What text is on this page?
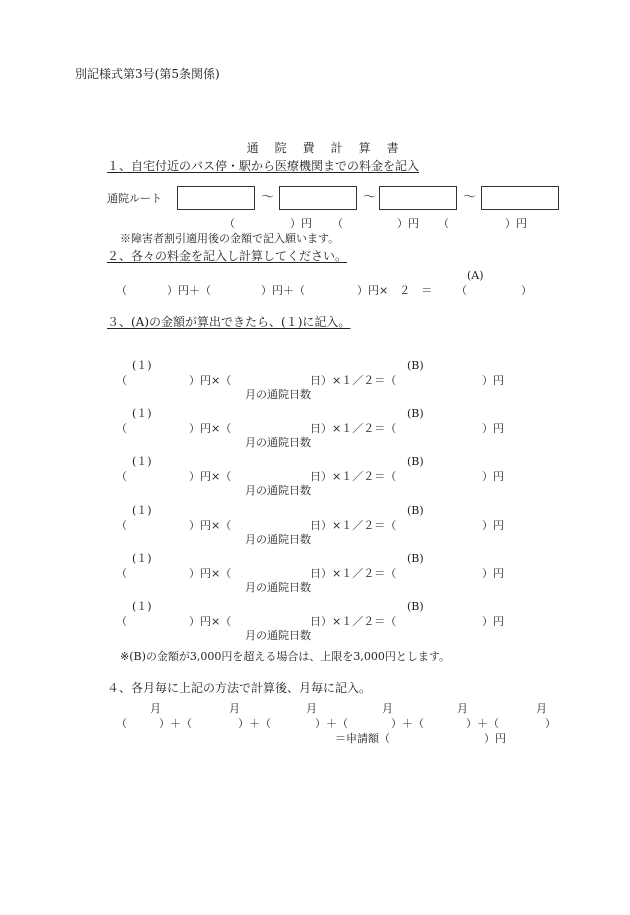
別記様式第3号(第5条関係)

通 院 費 計 算 書

１、自宅付近のバス停・駅から医療機関までの料金を記入
通院ルート	～	～	～
（	）円 （	）円 （	）円
※障害者割引適用後の金額で記入願います。
２、各々の料金を記入し計算してください。
(A)
（	）円＋（	）円＋（	）円×　２　＝ （	）
３、(A)の金額が算出できたら、(１)に記入。
(１)	(B)
（	）円×（	日）×１／２＝（	）円
月の通院日数
(１)	(B)
（	）円×（	日）×１／２＝（	）円
月の通院日数
(１)	(B)
（	）円×（	日）×１／２＝（	）円
月の通院日数
(１)	(B)
（	）円×（	日）×１／２＝（	）円
月の通院日数
(１)	(B)
（	）円×（	日）×１／２＝（	）円
月の通院日数
(１)	(B)
（	）円×（	日）×１／２＝（	）円
月の通院日数
※(B)の金額が3,000円を超える場合は、上限を3,000円とします。
４、各月毎に上記の方法で計算後、月毎に記入。
月	月	月	月	月	月
（	）＋（	）＋（	）＋（	）＋（	）＋（	）
＝申請額（	）円
